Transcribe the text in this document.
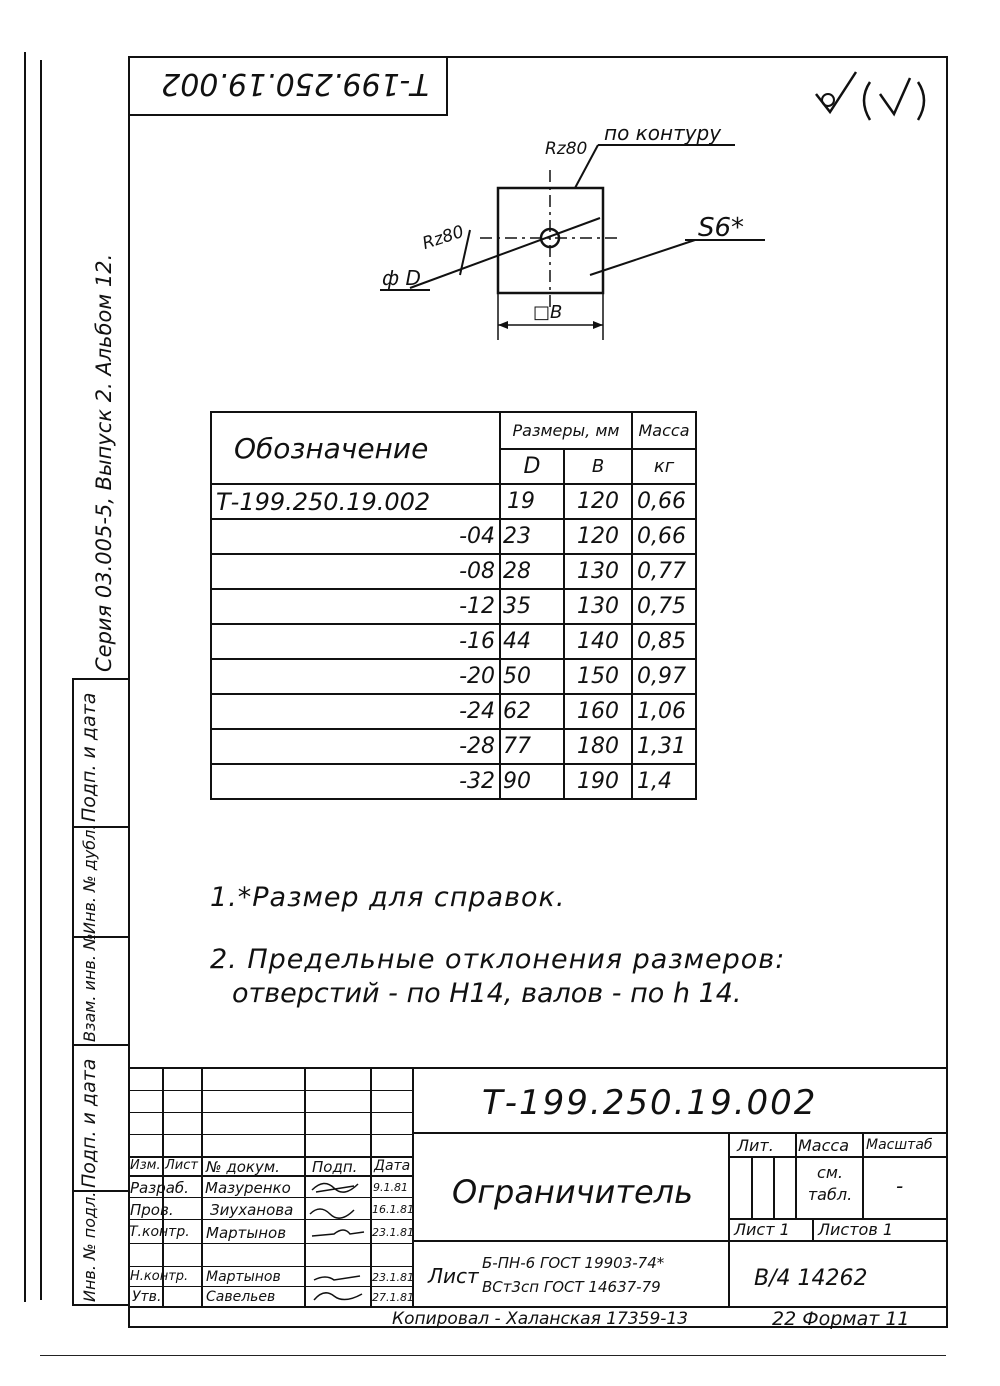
Серия 03.005-5, Выпуск 2. Альбом 12.
Подп. и дата
Инв. № дубл.
Взам. инв. №
Подп. и дата
Инв. № подл.
Т-199.250.19.002
по контуру
Rz80
Rz80	S6*
ф D
□B
Обозначение	Размеры, мм		Масса
	D	В	кг
Т-199.250.19.002	19	120	0,66
-04	23	120	0,66
-08	28	130	0,77
-12	35	130	0,75
-16	44	140	0,85
-20	50	150	0,97
-24	62	160	1,06
-28	77	180	1,31
-32	90	190	1,4
1.*Размер для справок.
2. Предельные отклонения размеров:
отверстий - по Н14, валов - по h 14.
Изм. Лист № докум. Подп. Дата
Разраб. Мазуренко	9.1.81
Пров. Зиуханова	16.1.81
Т.контр. Мартынов	23.1.81
Н.контр. Мартынов	23.1.81
Утв.	Савельев	27.1.81
Т-199.250.19.002
Ограничитель
Лит. Масса Масштаб
см. табл. -
Лист 1 Листов 1
Лист
Б-ПН-6 ГОСТ 19903-74*
ВСт3сп ГОСТ 14637-79	В/4 14262
Копировал - Халанская 17359-13	22 Формат 11
